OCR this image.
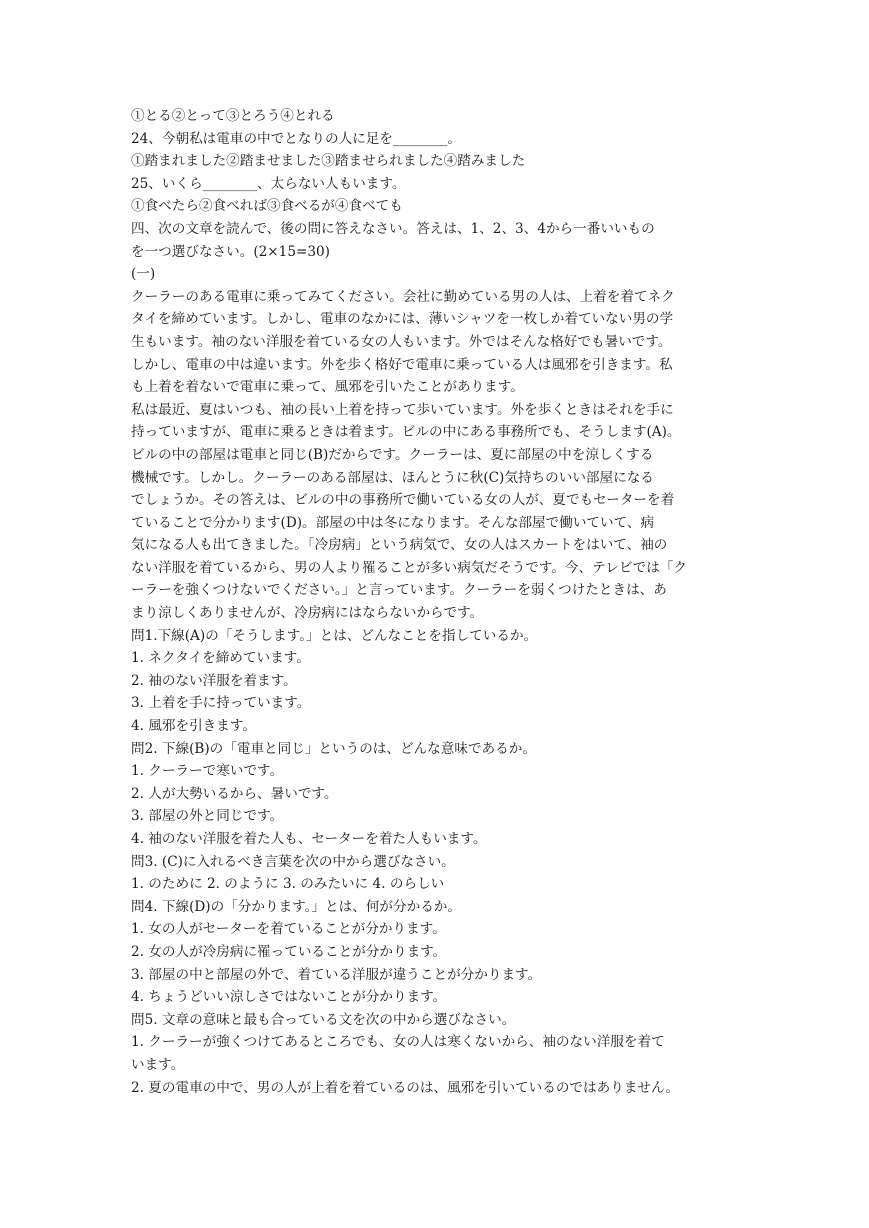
①とる②とって③とろう④とれる
24、今朝私は電車の中でとなりの人に足を________。
①踏まれました②踏ませました③踏ませられました④踏みました
25、いくら________、太らない人もいます。
①食べたら②食べれば③食べるが④食べても
四、次の文章を読んで、後の問に答えなさい。答えは、1、2、3、4から一番いいもの
を一つ選びなさい。(2×15=30)
(一)
クーラーのある電車に乗ってみてください。会社に勤めている男の人は、上着を着てネク
タイを締めています。しかし、電車のなかには、薄いシャツを一枚しか着ていない男の学
生もいます。袖のない洋服を着ている女の人もいます。外ではそんな格好でも暑いです。
しかし、電車の中は違います。外を歩く格好で電車に乗っている人は風邪を引きます。私
も上着を着ないで電車に乗って、風邪を引いたことがあります。
私は最近、夏はいつも、袖の長い上着を持って歩いています。外を歩くときはそれを手に
持っていますが、電車に乗るときは着ます。ビルの中にある事務所でも、そうします(A)。
ビルの中の部屋は電車と同じ(B)だからです。クーラーは、夏に部屋の中を涼しくする
機械です。しかし。クーラーのある部屋は、ほんとうに秋(C)気持ちのいい部屋になる
でしょうか。その答えは、ビルの中の事務所で働いている女の人が、夏でもセーターを着
ていることで分かります(D)。部屋の中は冬になります。そんな部屋で働いていて、病
気になる人も出てきました。「冷房病」という病気で、女の人はスカートをはいて、袖の
ない洋服を着ているから、男の人より罹ることが多い病気だそうです。今、テレビでは「ク
ーラーを強くつけないでください。」と言っています。クーラーを弱くつけたときは、あ
まり涼しくありませんが、冷房病にはならないからです。
問1.下線(A)の「そうします。」とは、どんなことを指しているか。
1. ネクタイを締めています。
2. 袖のない洋服を着ます。
3. 上着を手に持っています。
4. 風邪を引きます。
問2. 下線(B)の「電車と同じ」というのは、どんな意味であるか。
1. クーラーで寒いです。
2. 人が大勢いるから、暑いです。
3. 部屋の外と同じです。
4. 袖のない洋服を着た人も、セーターを着た人もいます。
問3. (C)に入れるべき言葉を次の中から選びなさい。
1. のために 2. のように 3. のみたいに 4. のらしい
問4. 下線(D)の「分かります。」とは、何が分かるか。
1. 女の人がセーターを着ていることが分かります。
2. 女の人が冷房病に罹っていることが分かります。
3. 部屋の中と部屋の外で、着ている洋服が違うことが分かります。
4. ちょうどいい涼しさではないことが分かります。
問5. 文章の意味と最も合っている文を次の中から選びなさい。
1. クーラーが強くつけてあるところでも、女の人は寒くないから、袖のない洋服を着て
います。
2. 夏の電車の中で、男の人が上着を着ているのは、風邪を引いているのではありません。
